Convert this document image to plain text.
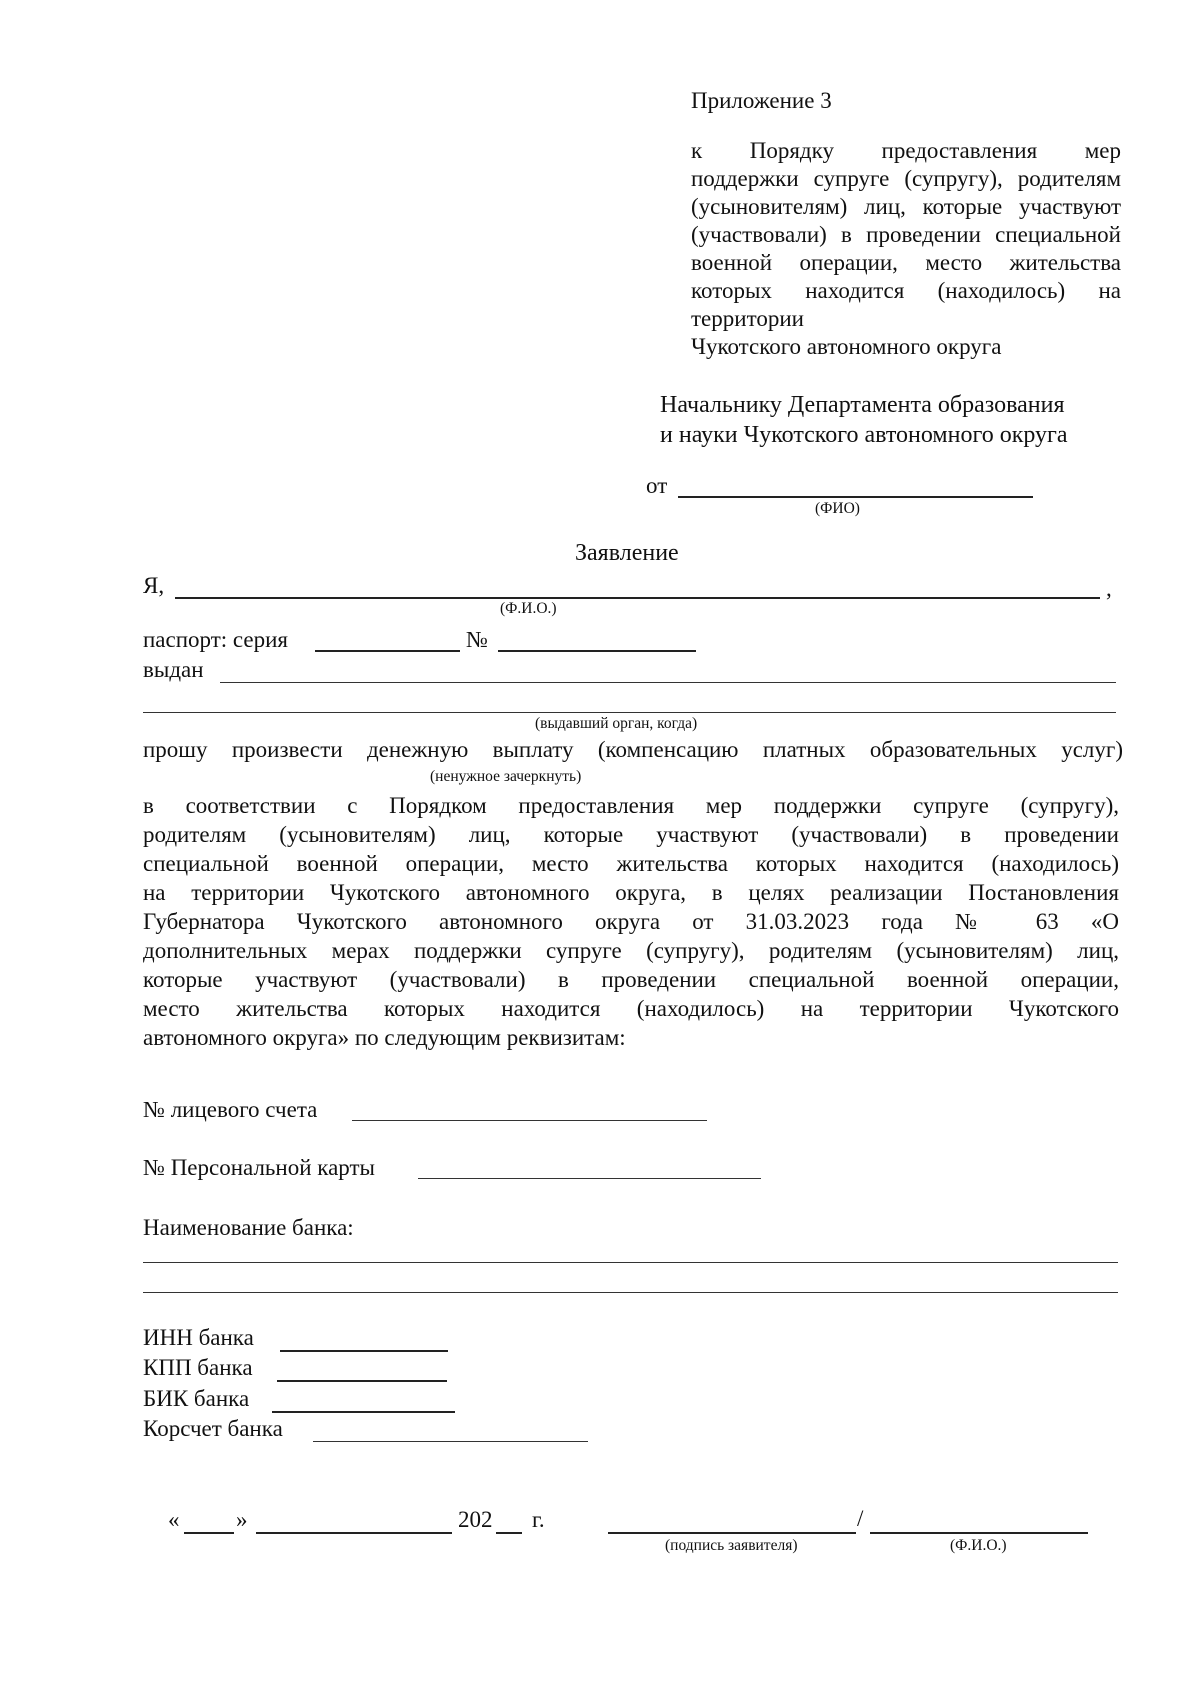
Приложение 3
к Порядку предоставления мер
поддержки супруге (супругу), родителям
(усыновителям) лиц, которые участвуют
(участвовали) в проведении специальной
военной операции, место жительства
которых находится (находилось) на
территории
Чукотского автономного округа
Начальнику Департамента образования
и науки Чукотского автономного округа
от
(ФИО)
Заявление
Я,	,
(Ф.И.О.)
паспорт: серия	№
выдан
(выдавший орган, когда)
прошу произвести денежную выплату (компенсацию платных образовательных услуг)
(ненужное зачеркнуть)
в соответствии с Порядком предоставления мер поддержки супруге (супругу),
родителям (усыновителям) лиц, которые участвуют (участвовали) в проведении
специальной военной операции, место жительства которых находится (находилось)
на территории Чукотского автономного округа, в целях реализации Постановления
Губернатора Чукотского автономного округа от 31.03.2023 года № 63 «О
дополнительных мерах поддержки супруге (супругу), родителям (усыновителям) лиц,
которые участвуют (участвовали) в проведении специальной военной операции,
место жительства которых находится (находилось) на территории Чукотского
автономного округа» по следующим реквизитам:
№ лицевого счета
№ Персональной карты
Наименование банка:
ИНН банка
КПП банка
БИК банка
Корсчет банка
« »	202 г.	/
(подпись заявителя)	(Ф.И.О.)
